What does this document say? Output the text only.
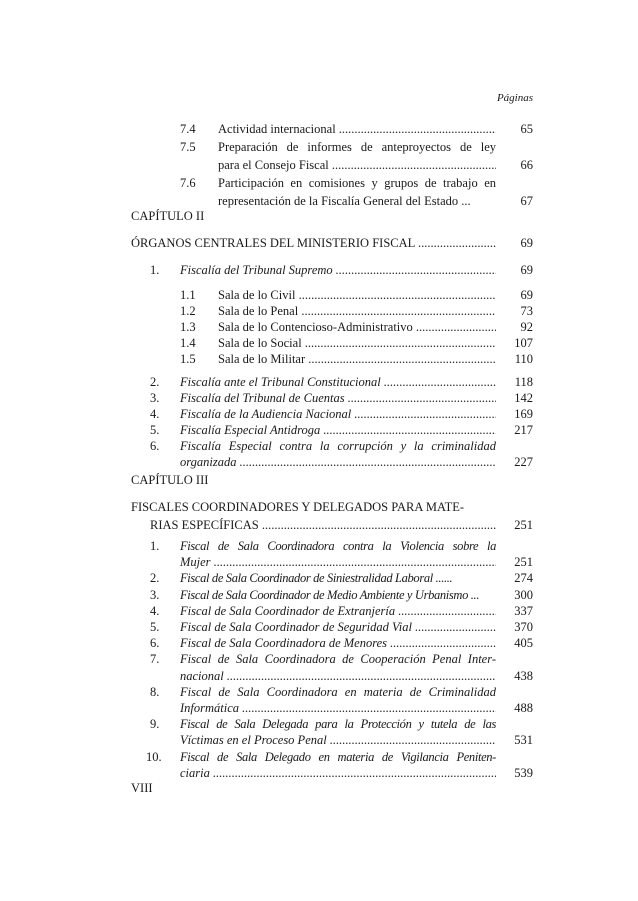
Páginas
7.4 Actividad internacional .....	65
7.5 Preparación de informes de anteproyectos de ley
para el Consejo Fiscal .....	66
7.6 Participación en comisiones y grupos de trabajo en
representación de la Fiscalía General del Estado ...	67
CAPÍTULO II
ÓRGANOS CENTRALES DEL MINISTERIO FISCAL .....	69
1. Fiscalía del Tribunal Supremo .....	69
1.1 Sala de lo Civil .....	69
1.2 Sala de lo Penal .....	73
1.3 Sala de lo Contencioso-Administrativo .....	92
1.4 Sala de lo Social .....	107
1.5 Sala de lo Militar .....	110
2. Fiscalía ante el Tribunal Constitucional .....	118
3. Fiscalía del Tribunal de Cuentas .....	142
4. Fiscalía de la Audiencia Nacional .....	169
5. Fiscalía Especial Antidroga .....	217
6. Fiscalía Especial contra la corrupción y la criminalidad
organizada .....	227
CAPÍTULO III
FISCALES COORDINADORES Y DELEGADOS PARA MATE-
RIAS ESPECÍFICAS .....	251
1. Fiscal de Sala Coordinadora contra la Violencia sobre la
Mujer .....	251
2. Fiscal de Sala Coordinador de Siniestralidad Laboral ......	274
3. Fiscal de Sala Coordinador de Medio Ambiente y Urbanismo ...	300
4. Fiscal de Sala Coordinador de Extranjería .....	337
5. Fiscal de Sala Coordinador de Seguridad Vial .....	370
6. Fiscal de Sala Coordinadora de Menores .....	405
7. Fiscal de Sala Coordinadora de Cooperación Penal Inter-
nacional .....	438
8. Fiscal de Sala Coordinadora en materia de Criminalidad
Informática .....	488
9. Fiscal de Sala Delegada para la Protección y tutela de las
Víctimas en el Proceso Penal .....	531
10. Fiscal de Sala Delegado en materia de Vigilancia Peniten-
ciaria .....	539
VIII
